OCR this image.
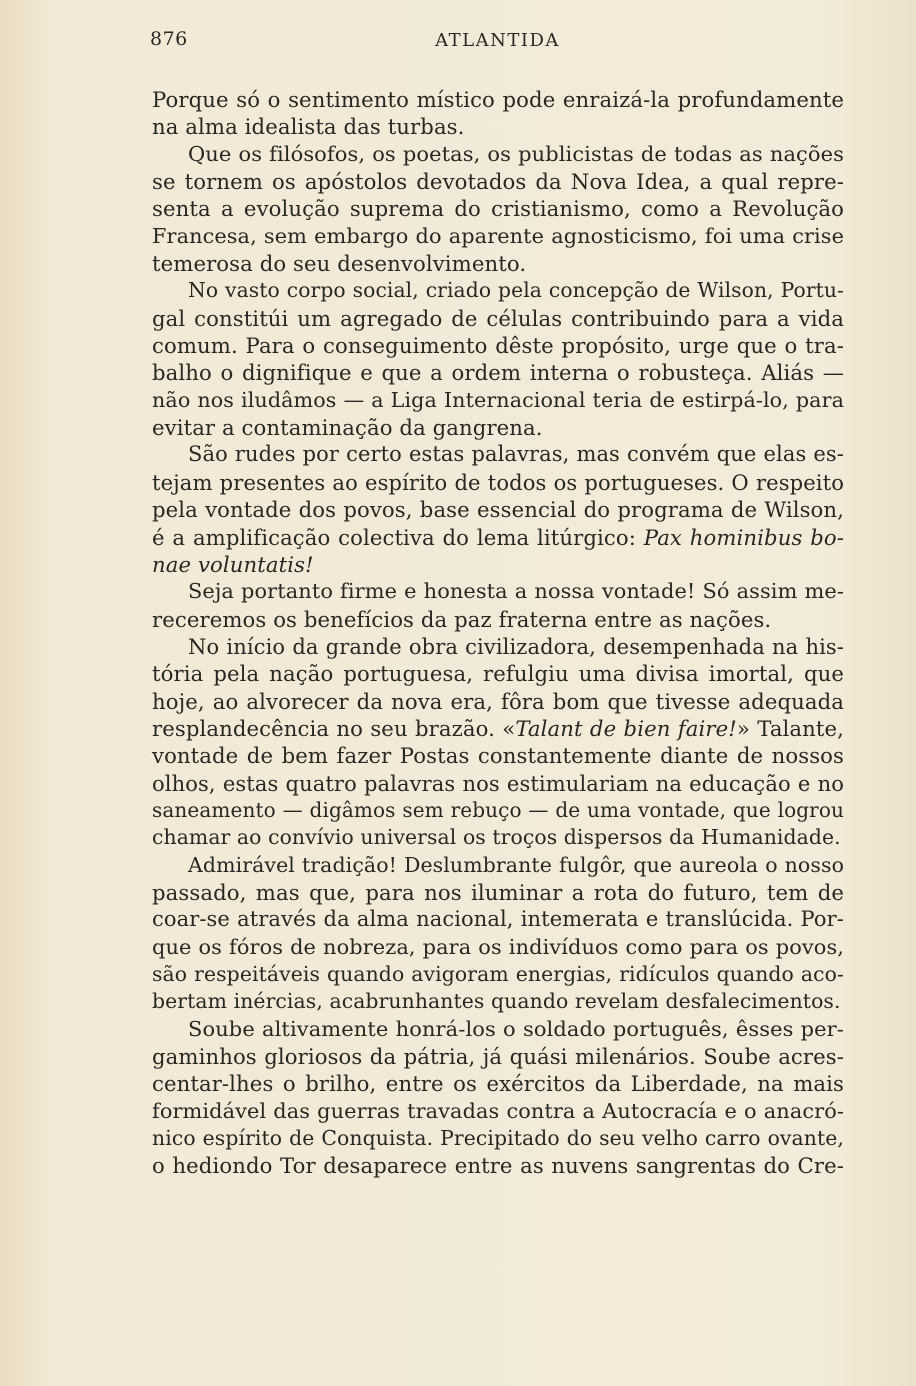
876	ATLANTIDA

Porque só o sentimento místico pode enraizá-la profundamente

na alma idealista das turbas.

Que os filósofos, os poetas, os publicistas de todas as nações

se tornem os apóstolos devotados da Nova Idea, a qual repre-

senta a evolução suprema do cristianismo, como a Revolução

Francesa, sem embargo do aparente agnosticismo, foi uma crise

temerosa do seu desenvolvimento.

No vasto corpo social, criado pela concepção de Wilson, Portu-

gal constitúi um agregado de células contribuindo para a vida

comum. Para o conseguimento dêste propósito, urge que o tra-

balho o dignifique e que a ordem interna o robusteça. Aliás —

não nos iludâmos — a Liga Internacional teria de estirpá-lo, para

evitar a contaminação da gangrena.

São rudes por certo estas palavras, mas convém que elas es-

tejam presentes ao espírito de todos os portugueses. O respeito

pela vontade dos povos, base essencial do programa de Wilson,

é a amplificação colectiva do lema litúrgico: Pax hominibus bo-

nae voluntatis!

Seja portanto firme e honesta a nossa vontade! Só assim me-

receremos os benefícios da paz fraterna entre as nações.

No início da grande obra civilizadora, desempenhada na his-

tória pela nação portuguesa, refulgiu uma divisa imortal, que

hoje, ao alvorecer da nova era, fôra bom que tivesse adequada

resplandecência no seu brazão. «Talant de bien faire!» Talante,

vontade de bem fazer Postas constantemente diante de nossos

olhos, estas quatro palavras nos estimulariam na educação e no

saneamento — digâmos sem rebuço — de uma vontade, que logrou

chamar ao convívio universal os troços dispersos da Humanidade.

Admirável tradição! Deslumbrante fulgôr, que aureola o nosso

passado, mas que, para nos iluminar a rota do futuro, tem de

coar-se através da alma nacional, intemerata e translúcida. Por-

que os fóros de nobreza, para os indivíduos como para os povos,

são respeitáveis quando avigoram energias, ridículos quando aco-

bertam inércias, acabrunhantes quando revelam desfalecimentos.

Soube altivamente honrá-los o soldado português, êsses per-

gaminhos gloriosos da pátria, já quási milenários. Soube acres-

centar-lhes o brilho, entre os exércitos da Liberdade, na mais

formidável das guerras travadas contra a Autocracía e o anacró-

nico espírito de Conquista. Precipitado do seu velho carro ovante,

o hediondo Tor desaparece entre as nuvens sangrentas do Cre-
